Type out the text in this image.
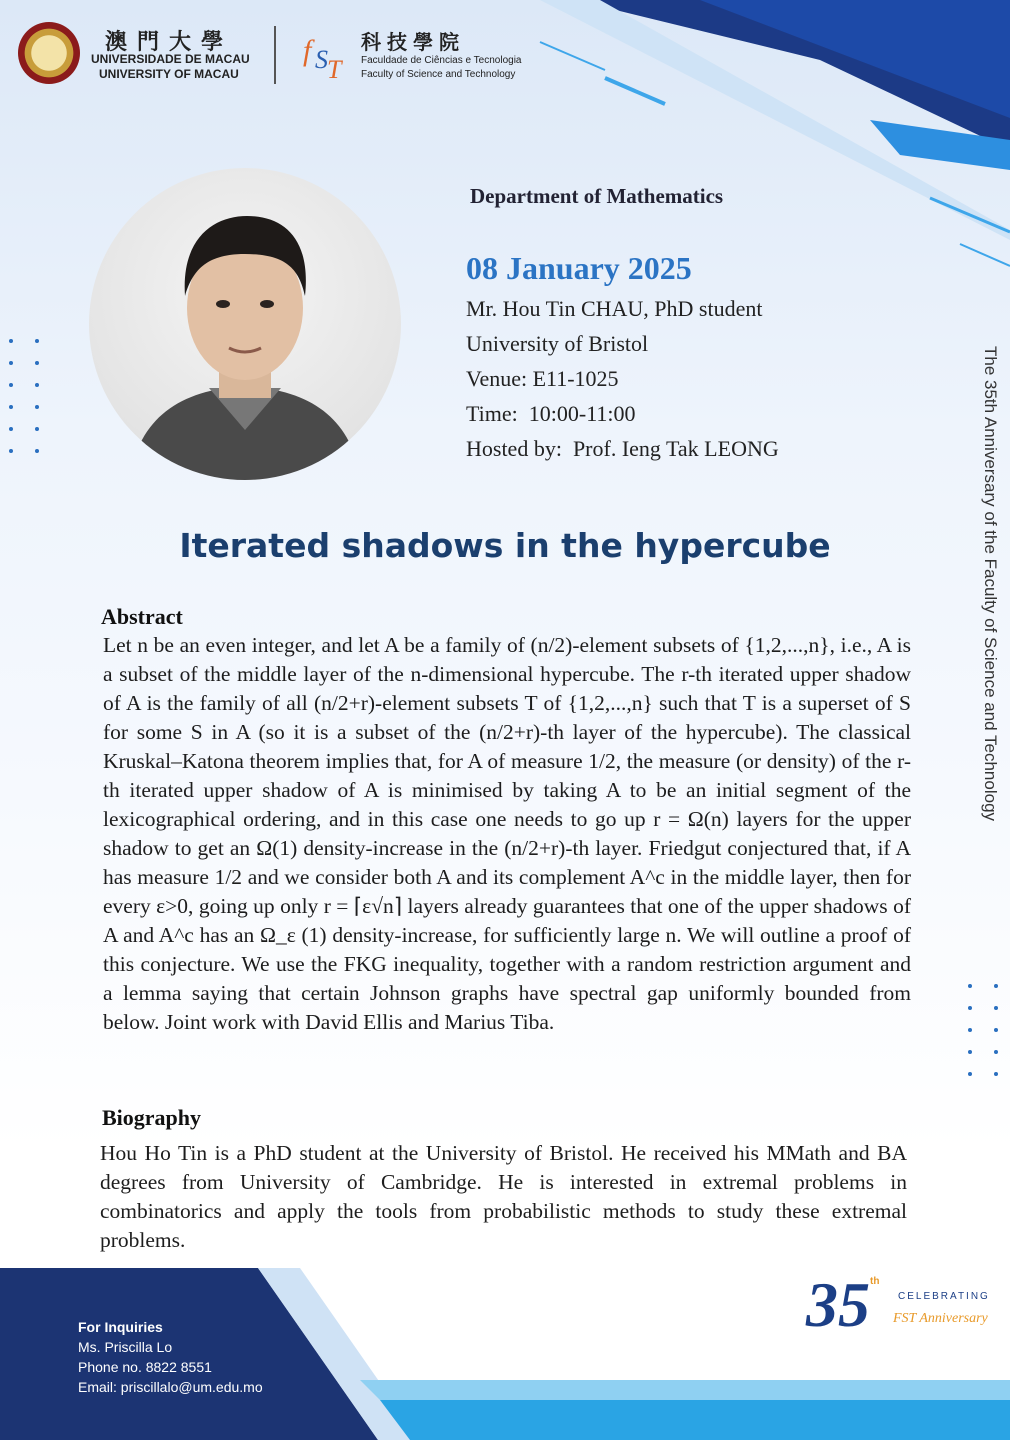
澳門大學
UNIVERSIDADE DE MACAU
UNIVERSITY OF MACAU
f S T
科技學院
Faculdade de Ciências e Tecnologia
Faculty of Science and Technology
Department of Mathematics
08 January 2025
Mr. Hou Tin CHAU, PhD student
University of Bristol
Venue: E11-1025
Time:  10:00-11:00
Hosted by:  Prof. Ieng Tak LEONG
Iterated shadows in the hypercube
Abstract
Let n be an even integer, and let A be a family of (n/2)-element subsets of {1,2,...,n}, i.e., A is a subset of the middle layer of the n-dimensional hypercube. The r-th iterated upper shadow of A is the family of all (n/2+r)-element subsets T of {1,2,...,n} such that T is a superset of S for some S in A (so it is a subset of the (n/2+r)-th layer of the hypercube). The classical Kruskal–Katona theorem implies that, for A of measure 1/2, the measure (or density) of the r-th iterated upper shadow of A is minimised by taking A to be an initial segment of the lexicographical ordering, and in this case one needs to go up r = Ω(n) layers for the upper shadow to get an Ω(1) density-increase in the (n/2+r)-th layer. Friedgut conjectured that, if A has measure 1/2 and we consider both A and its complement A^c in the middle layer, then for every ε>0, going up only r = ⌈ε√n⌉ layers already guarantees that one of the upper shadows of A and A^c has an Ω_ε (1) density-increase, for sufficiently large n. We will outline a proof of this conjecture. We use the FKG inequality, together with a random restriction argument and a lemma saying that certain Johnson graphs have spectral gap uniformly bounded from below. Joint work with David Ellis and Marius Tiba.
Biography
Hou Ho Tin is a PhD student at the University of Bristol. He received his MMath and BA degrees from University of Cambridge. He is interested in extremal problems in combinatorics and apply the tools from probabilistic methods to study these extremal problems.
The 35th Anniversary of the Faculty of Science and Technology
For Inquiries
Ms. Priscilla Lo
Phone no. 8822 8551
Email: priscillalo@um.edu.mo
35 th
CELEBRATING
FST Anniversary
